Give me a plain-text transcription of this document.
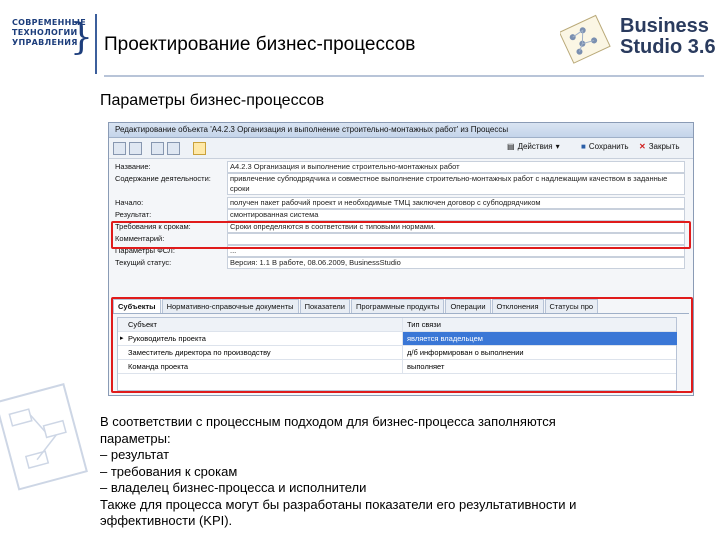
СОВРЕМЕННЫЕ
ТЕХНОЛОГИИ
УПРАВЛЕНИЯ
} Проектирование бизнес-процессов
Business
Studio 3.6
Параметры бизнес-процессов
Редактирование объекта 'А4.2.3 Организация и выполнение строительно-монтажных работ' из Процессы
▤ Действия ▾	■ Сохранить ✕ Закрыть
Название:	А4.2.3 Организация и выполнение строительно-монтажных работ
Содержание деятельности:	привлечение субподрядчика и совместное выполнение строительно-монтажных работ с надлежащим качеством в заданные сроки
Начало:	получен пакет рабочий проект и необходимые ТМЦ заключен договор с субподрядчиком
Результат:	смонтированная система
Требования к срокам:	Сроки определяются в соответствии с типовыми нормами.
Комментарий:
Параметры ФСЛ:	...
Текущий статус:	Версия: 1.1 В работе, 08.06.2009, BusinessStudio
Субъекты Нормативно-справочные документы Показатели Программные продукты Операции Отклонения Статусы про
Субъект	Тип связи
▸ Руководитель проекта	является владельцем
Заместитель директора по производству	д/б информирован о выполнении
Команда проекта	выполняет
В соответствии с процессным подходом для бизнес-процесса заполняются
параметры:
– результат
– требования к срокам
– владелец бизнес-процесса и исполнители
Также для процесса могут бы разработаны показатели его результативности и
эффективности (KPI).
